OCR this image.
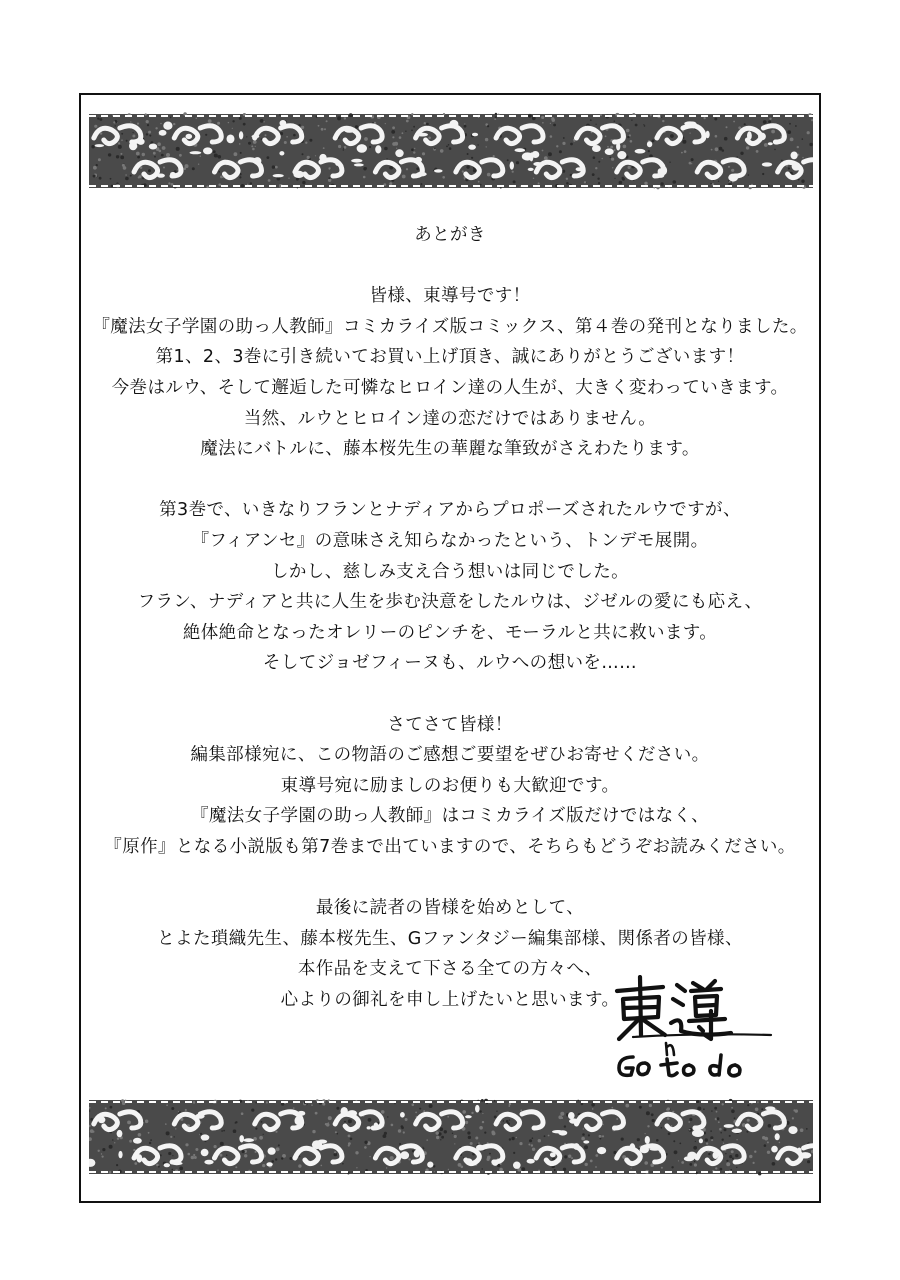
あとがき
皆様、東導号です！
『魔法女子学園の助っ人教師』コミカライズ版コミックス、第４巻の発刊となりました。
第1、2、3巻に引き続いてお買い上げ頂き、誠にありがとうございます！
今巻はルウ、そして邂逅した可憐なヒロイン達の人生が、大きく変わっていきます。
当然、ルウとヒロイン達の恋だけではありません。
魔法にバトルに、藤本桜先生の華麗な筆致がさえわたります。
第3巻で、いきなりフランとナディアからプロポーズされたルウですが、
『フィアンセ』の意味さえ知らなかったという、トンデモ展開。
しかし、慈しみ支え合う想いは同じでした。
フラン、ナディアと共に人生を歩む決意をしたルウは、ジゼルの愛にも応え、
絶体絶命となったオレリーのピンチを、モーラルと共に救います。
そしてジョゼフィーヌも、ルウへの想いを……
さてさて皆様！
編集部様宛に、この物語のご感想ご要望をぜひお寄せください。
東導号宛に励ましのお便りも大歓迎です。
『魔法女子学園の助っ人教師』はコミカライズ版だけではなく、
『原作』となる小説版も第7巻まで出ていますので、そちらもどうぞお読みください。
最後に読者の皆様を始めとして、
とよた瑣織先生、藤本桜先生、Gファンタジー編集部様、関係者の皆様、
本作品を支えて下さる全ての方々へ、
心よりの御礼を申し上げたいと思います。
